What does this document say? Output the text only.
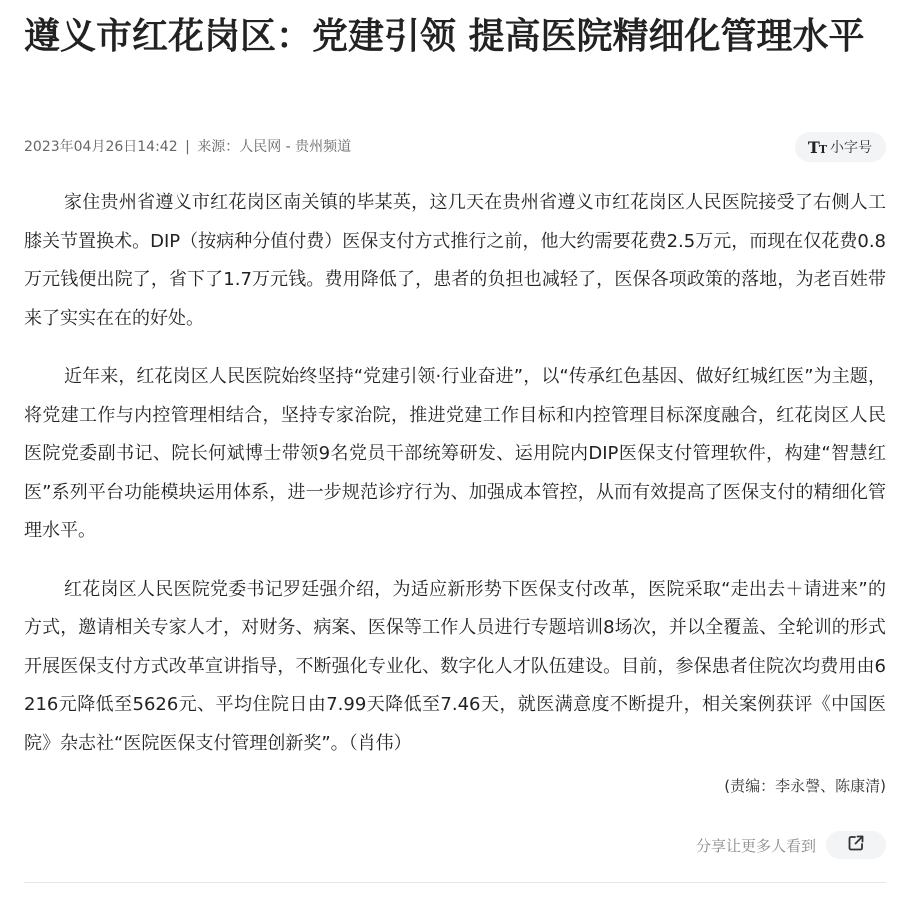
遵义市红花岗区：党建引领 提高医院精细化管理水平
2023年04月26日14:42 | 来源：人民网 - 贵州频道	TT 小字号

家住贵州省遵义市红花岗区南关镇的毕某英，这几天在贵州省遵义市红花岗区人民医院接受了右侧人工膝关节置换术。DIP（按病种分值付费）医保支付方式推行之前，他大约需要花费2.5万元，而现在仅花费0.8万元钱便出院了，省下了1.7万元钱。费用降低了，患者的负担也减轻了，医保各项政策的落地，为老百姓带来了实实在在的好处。

近年来，红花岗区人民医院始终坚持“党建引领·行业奋进”，以“传承红色基因、做好红城红医”为主题，将党建工作与内控管理相结合，坚持专家治院，推进党建工作目标和内控管理目标深度融合，红花岗区人民医院党委副书记、院长何斌博士带领9名党员干部统筹研发、运用院内DIP医保支付管理软件，构建“智慧红医”系列平台功能模块运用体系，进一步规范诊疗行为、加强成本管控，从而有效提高了医保支付的精细化管理水平。

红花岗区人民医院党委书记罗廷强介绍，为适应新形势下医保支付改革，医院采取“走出去＋请进来”的方式，邀请相关专家人才，对财务、病案、医保等工作人员进行专题培训8场次，并以全覆盖、全轮训的形式开展医保支付方式改革宣讲指导，不断强化专业化、数字化人才队伍建设。目前，参保患者住院次均费用由6216元降低至5626元、平均住院日由7.99天降低至7.46天，就医满意度不断提升，相关案例获评《中国医院》杂志社“医院医保支付管理创新奖”。（肖伟）

(责编：李永謦、陈康清)
分享让更多人看到
